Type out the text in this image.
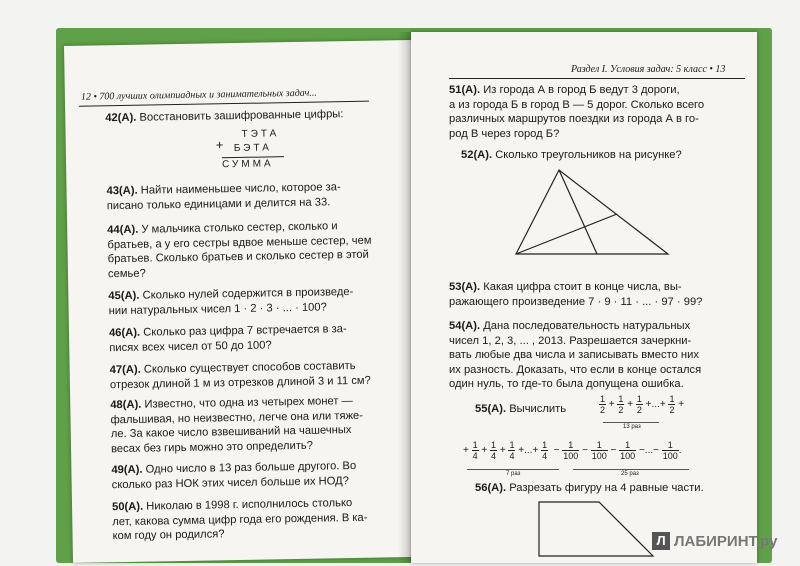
12 • 700 лучших олимпиадных и занимательных задач...
42(А). Восстановить зашифрованные цифры:
ТЭТА
+ БЭТА
СУММА
43(А). Найти наименьшее число, которое за-
писано только единицами и делится на 33.
44(А). У мальчика столько сестер, сколько и
братьев, а у его сестры вдвое меньше сестер, чем
братьев. Сколько братьев и сколько сестер в этой
семье?
45(А). Сколько нулей содержится в произведе-
нии натуральных чисел 1 · 2 · 3 · ... · 100?
46(А). Сколько раз цифра 7 встречается в за-
писях всех чисел от 50 до 100?
47(А). Сколько существует способов составить
отрезок длиной 1 м из отрезков длиной 3 и 11 см?
48(А). Известно, что одна из четырех монет —
фальшивая, но неизвестно, легче она или тяже-
ле. За какое число взвешиваний на чашечных
весах без гирь можно это определить?
49(А). Одно число в 13 раз больше другого. Во
сколько раз НОК этих чисел больше их НОД?
50(А). Николаю в 1998 г. исполнилось столько
лет, какова сумма цифр года его рождения. В ка-
ком году он родился?
Раздел I. Условия задач: 5 класс • 13
51(А). Из города А в город Б ведут 3 дороги,
а из города Б в город В — 5 дорог. Сколько всего
различных маршрутов поездки из города А в го-
род В через город Б?
52(А). Сколько треугольников на рисунке?
53(А). Какая цифра стоит в конце числа, вы-
ражающего произведение 7 · 9 · 11 · ... · 97 · 99?
54(А). Дана последовательность натуральных
чисел 1, 2, 3, ... , 2013. Разрешается зачеркни-
вать любые два числа и записывать вместо них
их разность. Доказать, что если в конце остался
один нуль, то где-то была допущена ошибка.
55(А). Вычислить	$\frac{1}{2} + \frac{1}{2} + \frac{1}{2}$ +...+ $\frac{1}{2}$ +
13 раз
+ $\frac{1}{4} + \frac{1}{4} + \frac{1}{4}$ +...+ $\frac{1}{4} - \frac{1}{100} - \frac{1}{100} - \frac{1}{100}$ −...− $\frac{1}{100}$ .
7 раз	25 раз
56(А). Разрезать фигуру на 4 равные части.
Л ЛАБИРИНТ.ру
